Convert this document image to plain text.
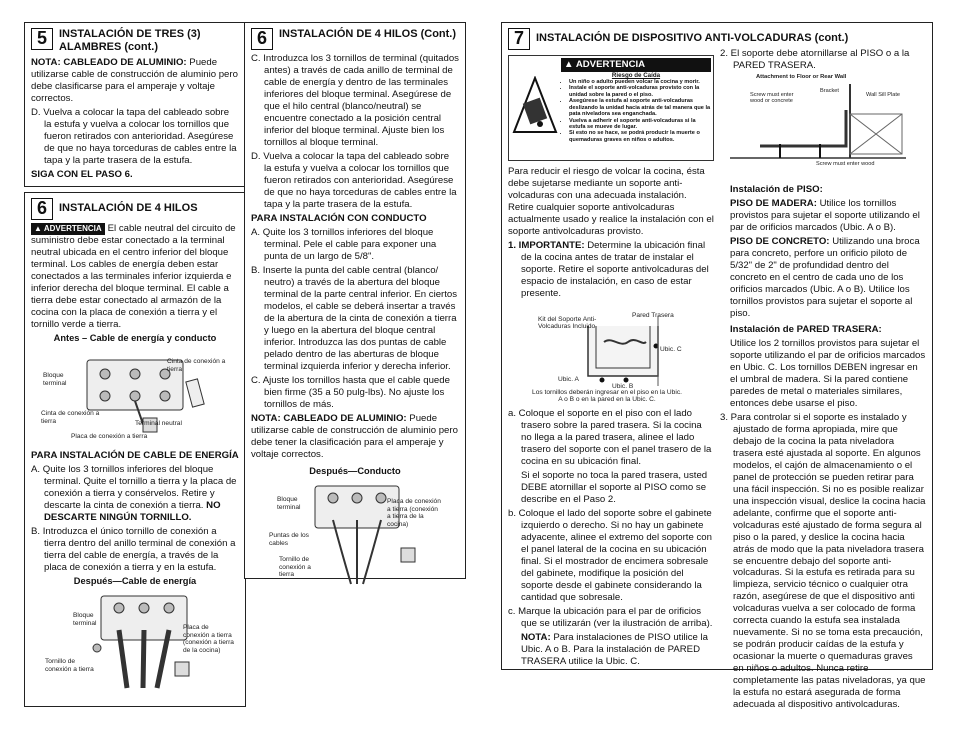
5	INSTALACIÓN DE TRES (3) ALAMBRES (cont.)

NOTA: CABLEADO DE ALUMINIO: Puede utilizarse cable de construcción de aluminio pero debe clasificarse para el amperaje y voltaje correctos.

D. Vuelva a colocar la tapa del cableado sobre la estufa y vuelva a colocar los tornillos que fueron retirados con anterioridad. Asegúrese de que no haya torceduras de cables entre la tapa y la parte trasera de la estufa.

SIGA CON EL PASO 6.

6	INSTALACIÓN DE 4 HILOS

▲ ADVERTENCIA El cable neutral del circuito de suministro debe estar conectado a la terminal neutral ubicada en el centro inferior del bloque terminal. Los cables de energía deben estar conectados a las terminales inferior izquierda e inferior derecha del bloque terminal. El cable a tierra debe estar conectado al armazón de la cocina con la placa de conexión a tierra y el tornillo verde a tierra.

Antes – Cable de energía y conducto
Bloque terminal
Cinta de conexión a tierra
Cinta de conexión a tierra	Terminal neutral
Placa de conexión a tierra

PARA INSTALACIÓN DE CABLE DE ENERGÍA

A. Quite los 3 tornillos inferiores del bloque terminal. Quite el tornillo a tierra y la placa de conexión a tierra y consérvelos. Retire y descarte la cinta de conexión a tierra. NO DESCARTE NINGÚN TORNILLO.

B. Introduzca el único tornillo de conexión a tierra dentro del anillo terminal de conexión a tierra del cable de energía, a través de la placa de conexión a tierra y en la estufa.

Después—Cable de energía
Bloque terminal
Placa de conexión a tierra (conexión a tierra de la cocina)
Tornillo de conexión a tierra
6	INSTALACIÓN DE 4 HILOS (Cont.)

C. Introduzca los 3 tornillos de terminal (quitados antes) a través de cada anillo de terminal de cable de energía y dentro de las terminales inferiores del bloque terminal. Asegúrese de que el hilo central (blanco/neutral) se encuentre conectado a la posición central inferior del bloque terminal. Ajuste bien los tornillos al bloque terminal.

D. Vuelva a colocar la tapa del cableado sobre la estufa y vuelva a colocar los tornillos que fueron retirados con anterioridad. Asegúrese de que no haya torceduras de cables entre la tapa y la parte trasera de la estufa.

PARA INSTALACIÓN CON CONDUCTO

A. Quite los 3 tornillos inferiores del bloque terminal. Pele el cable para exponer una punta de un largo de 5/8".

B. Inserte la punta del cable central (blanco/ neutro) a través de la abertura del bloque terminal de la parte central inferior. En ciertos modelos, el cable se deberá insertar a través de la abertura de la cinta de conexión a tierra y luego en la abertura del bloque central inferior. Introduzca las dos puntas de cable pelado dentro de las aberturas de bloque terminal izquierda inferior y derecha inferior.

C. Ajuste los tornillos hasta que el cable quede bien firme (35 a 50 pulg-lbs). No ajuste los tornillos de más.

NOTA: CABLEADO DE ALUMINIO: Puede utilizarse cable de construcción de aluminio pero debe tener la clasificación para el amperaje y voltaje correctos.

Después—Conducto
Bloque terminal
Puntas de los cables
Tornillo de conexión a tierra
Placa de conexión a tierra (conexión a tierra de la cocina)
7	INSTALACIÓN DE DISPOSITIVO ANTI-VOLCADURAS (cont.)
▲ ADVERTENCIA
Riesgo de Caída
• Un niño o adulto pueden volcar la cocina y morir.
• Instale el soporte anti-volcaduras provisto con la unidad sobre la pared o el piso.
• Asegúrese la estufa al soporte anti-volcaduras deslizando la unidad hacia atrás de tal manera que la pata niveladora sea enganchada.
• Vuelva a adherir el soporte anti-volcaduras si la estufa se mueve de lugar.
• Si esto no se hace, se podrá producir la muerte o quemaduras graves en niños o adultos.

Para reducir el riesgo de volcar la cocina, ésta debe sujetarse mediante un soporte anti-volcaduras con una adecuada instalación. Retire cualquier soporte antivolcaduras actualmente usado y realice la instalación con el soporte antivolcaduras provisto.

1. IMPORTANTE: Determine la ubicación final de la cocina antes de tratar de instalar el soporte. Retire el soporte antivolcaduras del espacio de instalación, en caso de estar presente.

Kit del Soporte Anti-Volcaduras Incluido
Pared Trasera
Ubic. C
Ubic. A
Ubic. B
Los tornillos deberán ingresar en el piso en la Ubic. A o B o en la pared en la Ubic. C.

a. Coloque el soporte en el piso con el lado trasero sobre la pared trasera. Si la cocina no llega a la pared trasera, alinee el lado trasero del soporte con el panel trasero de la cocina en su ubicación final.

Si el soporte no toca la pared trasera, usted DEBE atornillar el soporte al PISO como se describe en el Paso 2.

b. Coloque el lado del soporte sobre el gabinete izquierdo o derecho. Si no hay un gabinete adyacente, alinee el extremo del soporte con el panel lateral de la cocina en su ubicación final. Si el mostrador de encimera sobresale del gabinete, modifique la posición del soporte desde el gabinete considerando la cantidad que sobresale.

c. Marque la ubicación para el par de orificios que se utilizarán (ver la ilustración de arriba).

NOTA: Para instalaciones de PISO utilice la Ubic. A o B. Para la instalación de PARED TRASERA utilice la Ubic. C.

2. El soporte debe atornillarse al PISO o a la PARED TRASERA.

Attachment to Floor or Rear Wall
Screw must enter wood or concrete
Bracket
Wall Sill Plate
Screw must enter wood

Instalación de PISO:

PISO DE MADERA: Utilice los tornillos provistos para sujetar el soporte utilizando el par de orificios marcados (Ubic. A o B).

PISO DE CONCRETO: Utilizando una broca para concreto, perfore un orificio piloto de 5/32" de 2" de profundidad dentro del concreto en el centro de cada uno de los orificios marcados (Ubic. A o B). Utilice los tornillos provistos para sujetar el soporte al piso.

Instalación de PARED TRASERA:

Utilice los 2 tornillos provistos para sujetar el soporte utilizando el par de orificios marcados en Ubic. C. Los tornillos DEBEN ingresar en el umbral de madera. Si la pared contiene paredes de metal o materiales similares, entonces debe usarse el piso.

3. Para controlar si el soporte es instalado y ajustado de forma apropiada, mire que debajo de la cocina la pata niveladora trasera esté ajustada al soporte. En algunos modelos, el cajón de almacenamiento o el panel de protección se pueden retirar para una fácil inspección. Si no es posible realizar una inspección visual, deslice la cocina hacia adelante, confirme que el soporte anti-volcaduras esté ajustado de forma segura al piso o la pared, y deslice la cocina hacia atrás de modo que la pata niveladora trasera se encuentre debajo del soporte anti-volcaduras. Si la estufa es retirada para su limpieza, servicio técnico o cualquier otra razón, asegúrese de que el dispositivo anti volcaduras vuelva a ser colocado de forma correcta cuando la estufa sea instalada nuevamente. Si no se toma esta precaución, se podrán producir caídas de la estufa y ocasionar la muerte o quemaduras graves en niños o adultos. Nunca retire completamente las patas niveladoras, ya que la estufa no estará asegurada de forma adecuada al dispositivo antivolcaduras.
